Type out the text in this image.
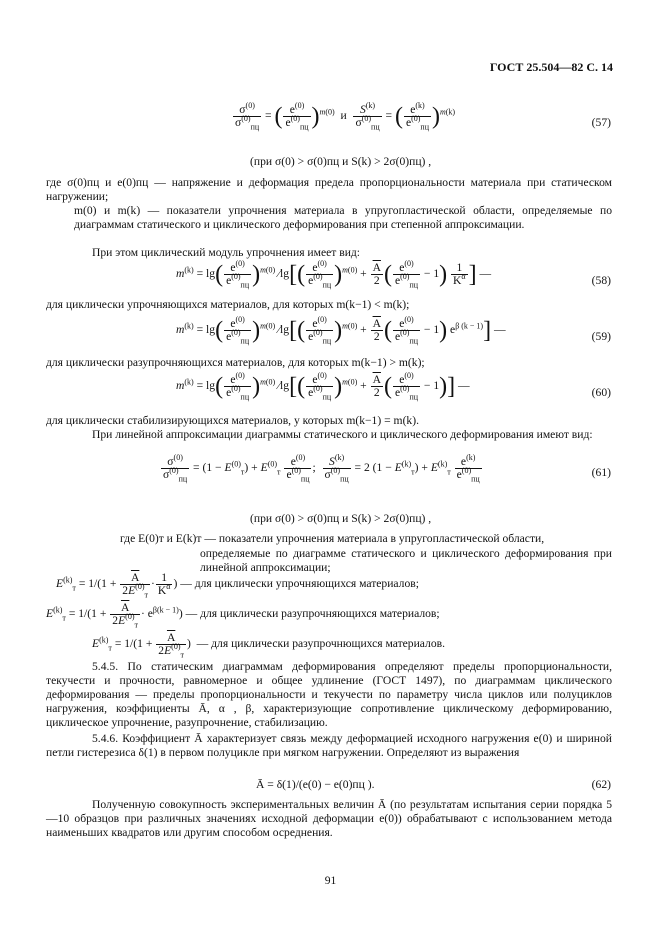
ГОСТ 25.504—82 С. 14
$\frac{\sigma^{(0)}}{\sigma^{(0)}_{пц}}$ = ( $\frac{e^{(0)}}{e^{(0)}_{пц}} )^{m(0)}$  и $\frac{S^{(k)}}{\sigma^{(0)}_{пц}}$ = ( $\frac{e^{(k)}}{e^{(0)}_{пц}} )^{m(k)}$
(57)
(при σ(0) > σ(0)пц и S(k) > 2σ(0)пц) ,
где σ(0)пц и e(0)пц — напряжение и деформация предела пропорциональности материала при статическом нагружении;
m(0) и m(k) — показатели упрочнения материала в упругопластической области, определяемые по диаграммам статического и циклического деформирования при степенной аппроксимации.
При этом циклический модуль упрочнения имеет вид:
$m^{(k)} = \lg( \frac{e^{(0)}}{e^{(0)}_{пц}} )^{m(0)}$ ⁄lg[( $\frac{e^{(0)}}{e^{(0)}_{пц}} )^{m(0)} + \frac{\overline{A}}{2}$ ( $\frac{e^{(0)}}{e^{(0)}_{пц}} - 1) \frac{1}{K^\alpha}$ ] —
(58)
для циклически упрочняющихся материалов, для которых m(k−1) < m(k);
$m^{(k)} = \lg( \frac{e^{(0)}}{e^{(0)}_{пц}} )^{m(0)}$ ⁄lg[( $\frac{e^{(0)}}{e^{(0)}_{пц}} )^{m(0)} + \frac{\overline{A}}{2}$ ( $\frac{e^{(0)}}{e^{(0)}_{пц}} - 1$) $e^{\beta (k - 1)}$] —
(59)
для циклически разупрочняющихся материалов, для которых m(k−1) > m(k);
$m^{(k)} = \lg( \frac{e^{(0)}}{e^{(0)}_{пц}} )^{m(0)}$ ⁄lg[( $\frac{e^{(0)}}{e^{(0)}_{пц}} )^{m(0)} + \frac{\overline{A}}{2}$ ( $\frac{e^{(0)}}{e^{(0)}_{пц}} - 1$)] —
(60)
для циклически стабилизирующихся материалов, у которых m(k−1) = m(k).
При линейной аппроксимации диаграммы статического и циклического деформирования имеют вид:
$\frac{\sigma^{(0)}}{\sigma^{(0)}_{пц}} = (1 - E^{(0)}_т) + E^{(0)}_т \frac{e^{(0)}}{e^{(0)}_{пц}}$ ; $\frac{S^{(k)}}{\sigma^{(0)}_{пц}} = 2$ $(1 - E^{(k)}_т) + E^{(k)}_т \frac{e^{(k)}}{e^{(0)}_{пц}}$	(61)
(при σ(0) > σ(0)пц и S(k) > 2σ(0)пц) ,
где E(0)т и E(k)т — показатели упрочнения материала в упругопластической области,
определяемые по диаграмме статического и циклического деформирования при линейной аппроксимации;
$E^{(k)}_т = 1/(1 + \frac{\overline{A}}{2E^{(0)}_т} \cdot \frac{1}{K^\alpha}$ ) — для циклически упрочняющихся материалов;
$E^{(k)}_т = 1/(1 + \frac{\overline{A}}{2E^{(0)}_т} \cdot e^{\beta(k - 1)})$ — для циклически разупрочняющихся материалов;
$E^{(k)}_т = 1/(1 + \frac{\overline{A}}{2E^{(0)}_т}$ )  — для циклически разупрочнющихся материалов.
5.4.5. По статическим диаграммам деформирования определяют пределы пропорциональности, текучести и прочности, равномерное и общее удлинение (ГОСТ 1497), по диаграммам циклического деформирования — пределы пропорциональности и текучести по параметру числа циклов или полуциклов нагружения, коэффициенты Ā, α , β, характеризующие сопротивление циклическому деформированию, циклическое упрочнение, разупрочнение, стабилизацию.
5.4.6. Коэффициент Ā характеризует связь между деформацией исходного нагружения e(0) и шириной петли гистерезиса δ(1) в первом полуцикле при мягком нагружении. Определяют из выражения
Ā = δ(1)/(e(0) − e(0)пц ).	(62)
Полученную совокупность экспериментальных величин Ā (по результатам испытания серии порядка 5—10 образцов при различных значениях исходной деформации e(0)) обрабатывают с использованием метода наименьших квадратов или другим способом осреднения.
91
